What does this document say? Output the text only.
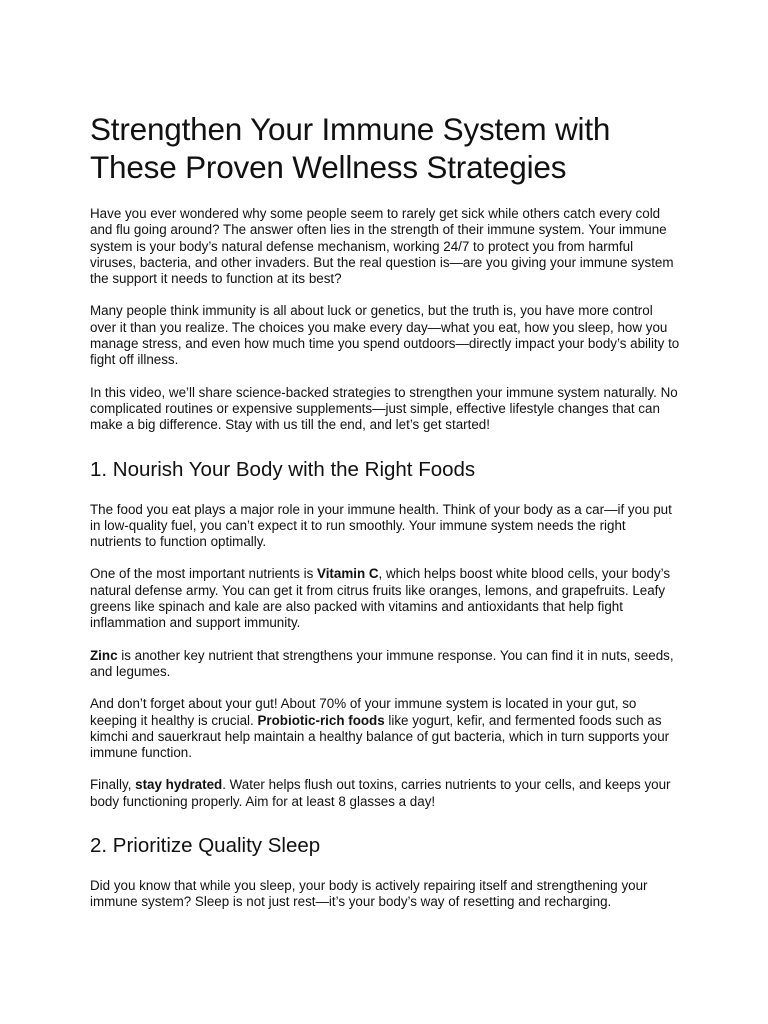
Strengthen Your Immune System with These Proven Wellness Strategies

Have you ever wondered why some people seem to rarely get sick while others catch every cold and flu going around? The answer often lies in the strength of their immune system. Your immune system is your body’s natural defense mechanism, working 24/7 to protect you from harmful viruses, bacteria, and other invaders. But the real question is—are you giving your immune system the support it needs to function at its best?

Many people think immunity is all about luck or genetics, but the truth is, you have more control over it than you realize. The choices you make every day—what you eat, how you sleep, how you manage stress, and even how much time you spend outdoors—directly impact your body’s ability to fight off illness.

In this video, we’ll share science-backed strategies to strengthen your immune system naturally. No complicated routines or expensive supplements—just simple, effective lifestyle changes that can make a big difference. Stay with us till the end, and let’s get started!

1. Nourish Your Body with the Right Foods

The food you eat plays a major role in your immune health. Think of your body as a car—if you put in low-quality fuel, you can’t expect it to run smoothly. Your immune system needs the right nutrients to function optimally.

One of the most important nutrients is Vitamin C, which helps boost white blood cells, your body’s natural defense army. You can get it from citrus fruits like oranges, lemons, and grapefruits. Leafy greens like spinach and kale are also packed with vitamins and antioxidants that help fight inflammation and support immunity.

Zinc is another key nutrient that strengthens your immune response. You can find it in nuts, seeds, and legumes.

And don’t forget about your gut! About 70% of your immune system is located in your gut, so keeping it healthy is crucial. Probiotic-rich foods like yogurt, kefir, and fermented foods such as kimchi and sauerkraut help maintain a healthy balance of gut bacteria, which in turn supports your immune function.

Finally, stay hydrated. Water helps flush out toxins, carries nutrients to your cells, and keeps your body functioning properly. Aim for at least 8 glasses a day!

2. Prioritize Quality Sleep

Did you know that while you sleep, your body is actively repairing itself and strengthening your immune system? Sleep is not just rest—it’s your body’s way of resetting and recharging.
